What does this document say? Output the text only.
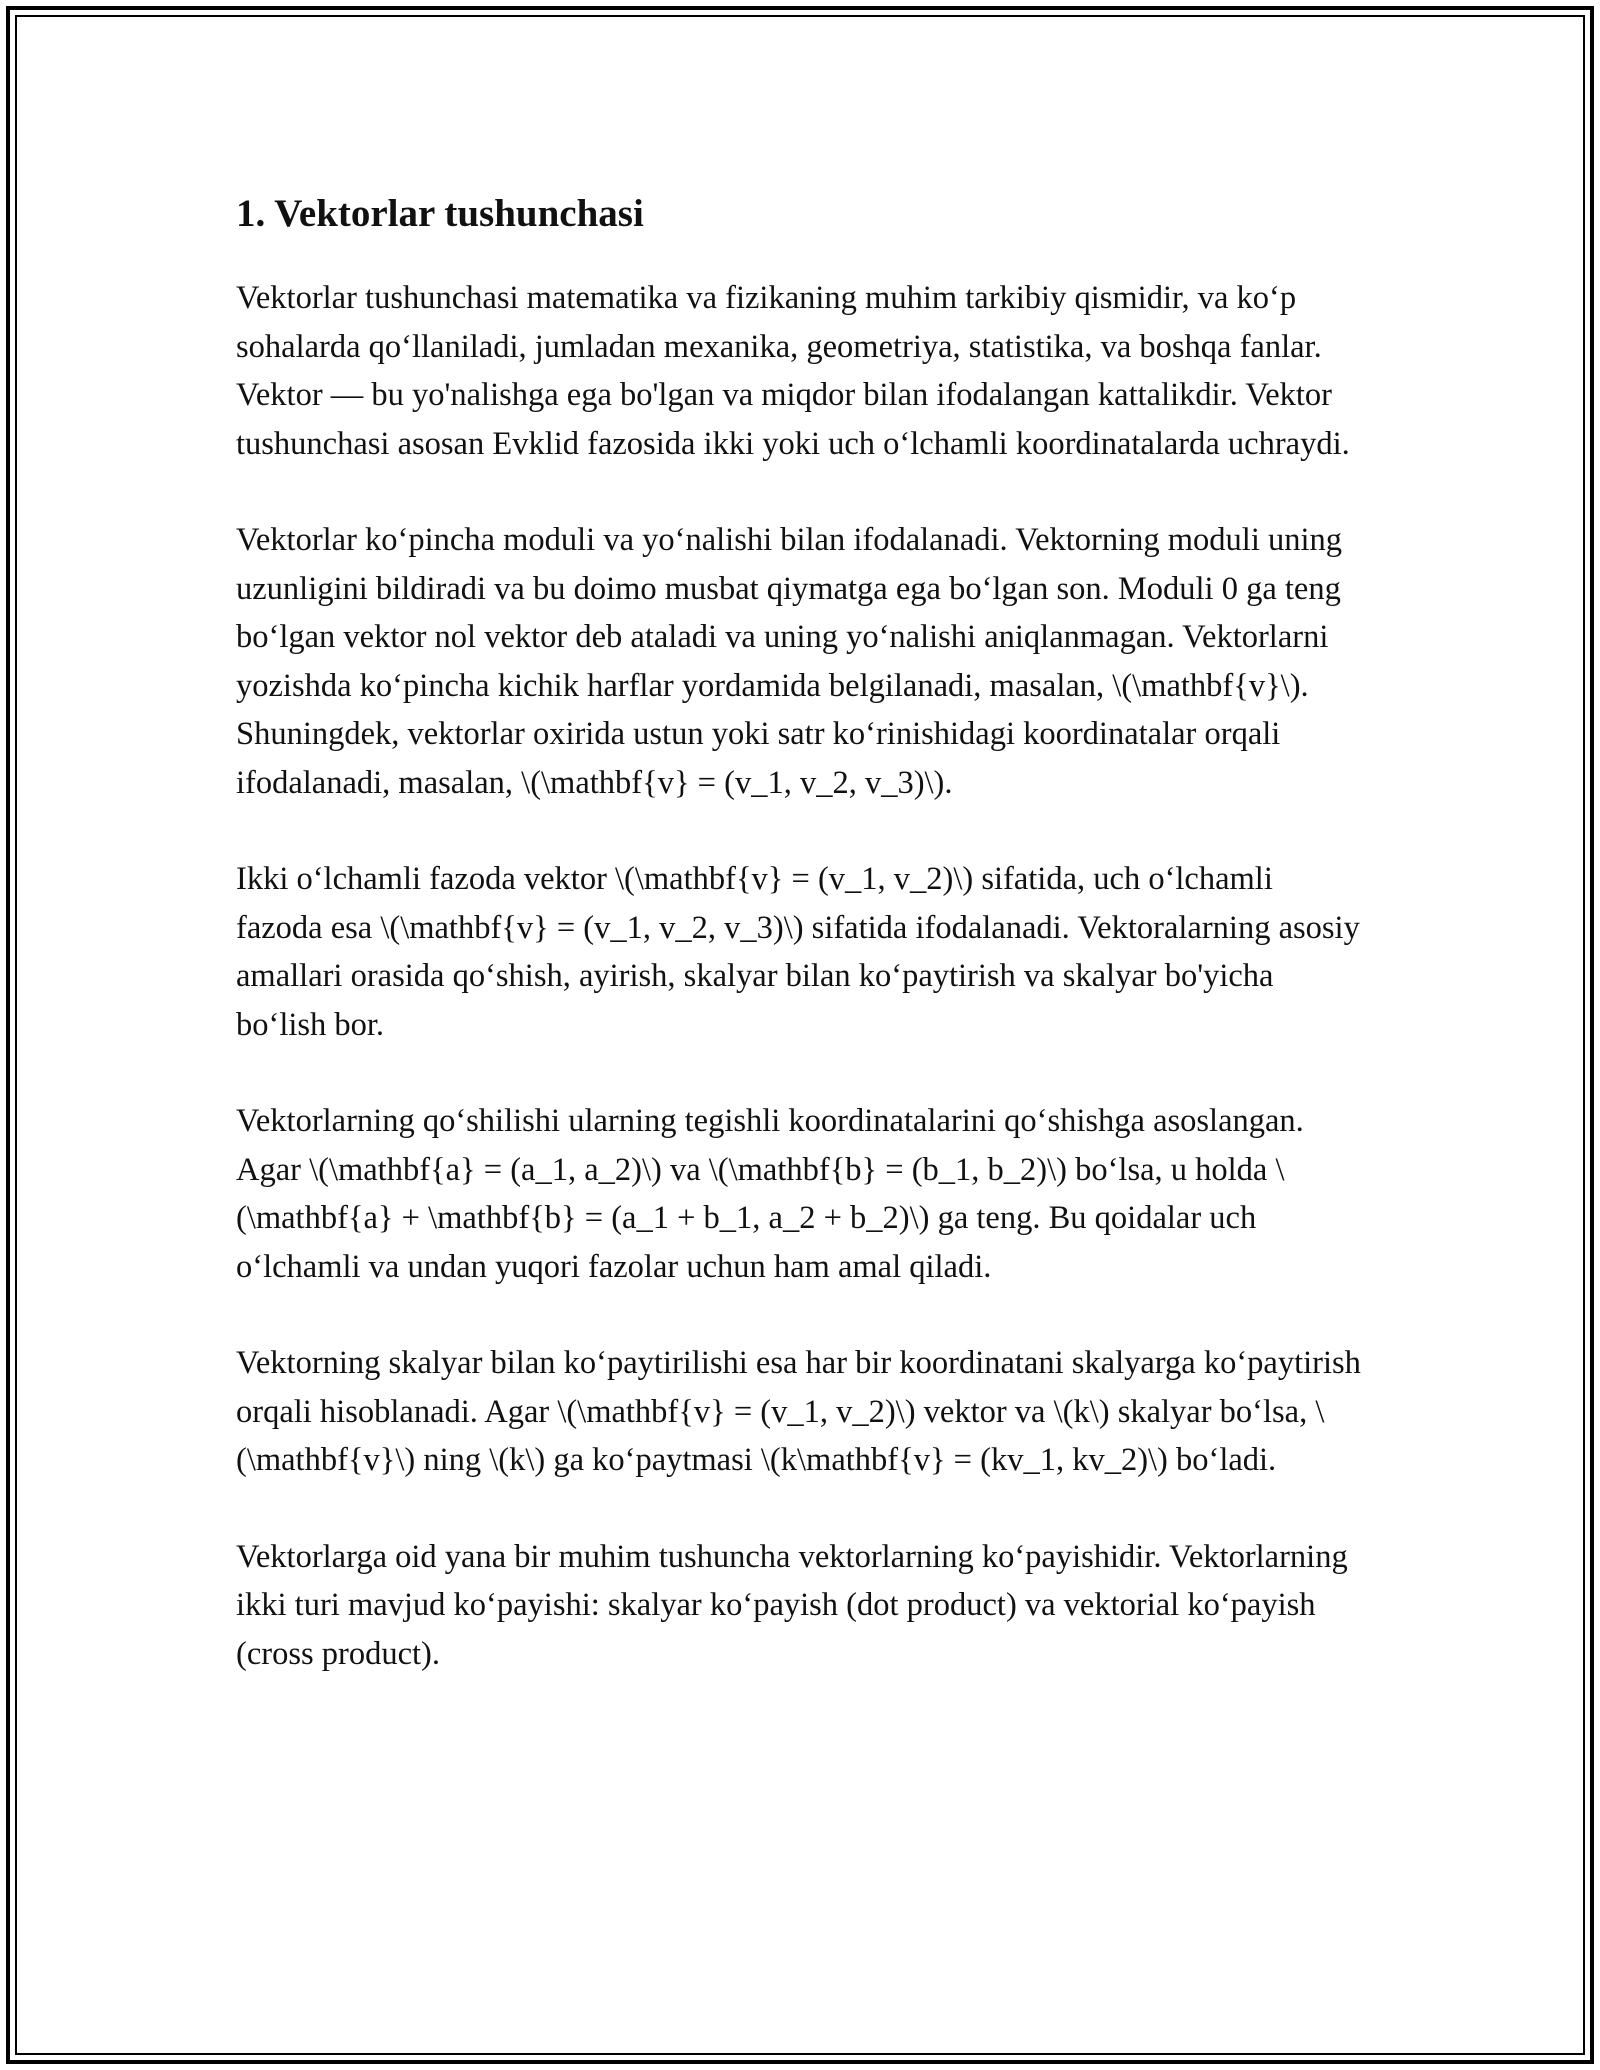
1. Vektorlar tushunchasi

Vektorlar tushunchasi matematika va fizikaning muhim tarkibiy qismidir, va ko‘p sohalarda qo‘llaniladi, jumladan mexanika, geometriya, statistika, va boshqa fanlar. Vektor — bu yo'nalishga ega bo'lgan va miqdor bilan ifodalangan kattalikdir. Vektor tushunchasi asosan Evklid fazosida ikki yoki uch o‘lchamli koordinatalarda uchraydi.

Vektorlar ko‘pincha moduli va yo‘nalishi bilan ifodalanadi. Vektorning moduli uning uzunligini bildiradi va bu doimo musbat qiymatga ega bo‘lgan son. Moduli 0 ga teng bo‘lgan vektor nol vektor deb ataladi va uning yo‘nalishi aniqlanmagan. Vektorlarni yozishda ko‘pincha kichik harflar yordamida belgilanadi, masalan, \(\mathbf{v}\). Shuningdek, vektorlar oxirida ustun yoki satr ko‘rinishidagi koordinatalar orqali ifodalanadi, masalan, \(\mathbf{v} = (v_1, v_2, v_3)\).

Ikki o‘lchamli fazoda vektor \(\mathbf{v} = (v_1, v_2)\) sifatida, uch o‘lchamli fazoda esa \(\mathbf{v} = (v_1, v_2, v_3)\) sifatida ifodalanadi. Vektoralarning asosiy amallari orasida qo‘shish, ayirish, skalyar bilan ko‘paytirish va skalyar bo'yicha bo‘lish bor.

Vektorlarning qo‘shilishi ularning tegishli koordinatalarini qo‘shishga asoslangan. Agar \(\mathbf{a} = (a_1, a_2)\) va \(\mathbf{b} = (b_1, b_2)\) bo‘lsa, u holda \(\mathbf{a} + \mathbf{b} = (a_1 + b_1, a_2 + b_2)\) ga teng. Bu qoidalar uch o‘lchamli va undan yuqori fazolar uchun ham amal qiladi.

Vektorning skalyar bilan ko‘paytirilishi esa har bir koordinatani skalyarga ko‘paytirish orqali hisoblanadi. Agar \(\mathbf{v} = (v_1, v_2)\) vektor va \(k\) skalyar bo‘lsa, \(\mathbf{v}\) ning \(k\) ga ko‘paytmasi \(k\mathbf{v} = (kv_1, kv_2)\) bo‘ladi.

Vektorlarga oid yana bir muhim tushuncha vektorlarning ko‘payishidir. Vektorlarning ikki turi mavjud ko‘payishi: skalyar ko‘payish (dot product) va vektorial ko‘payish (cross product).
